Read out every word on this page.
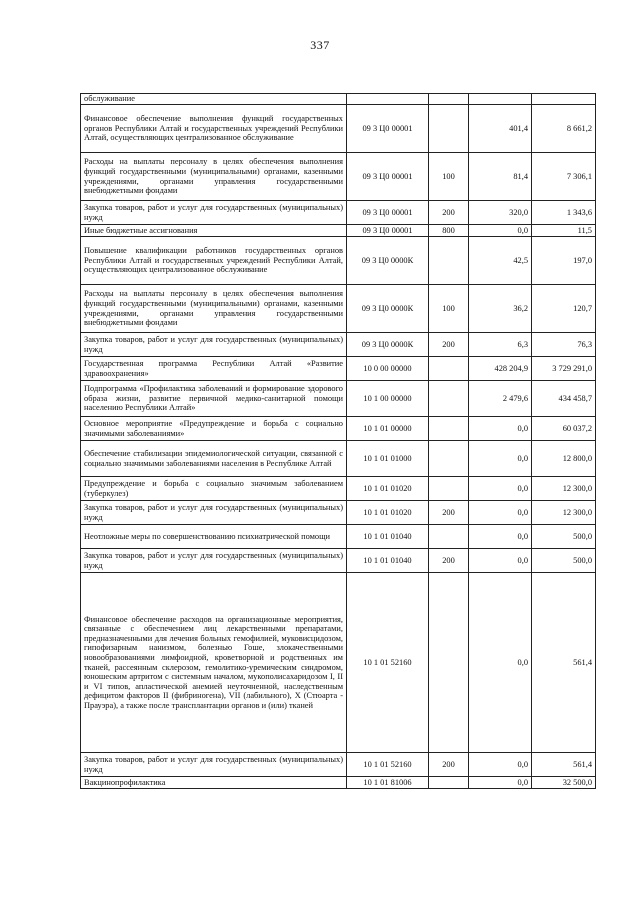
337
обслуживание				
Финансовое обеспечение выполнения функций государственных органов Республики Алтай и государственных учреждений Республики Алтай, осуществляющих централизованное обслуживание	09 3 Ц0 00001		401,4	8 661,2
Расходы на выплаты персоналу в целях обеспечения выполнения функций государственными (муниципальными) органами, казенными учреждениями, органами управления государственными внебюджетными фондами	09 3 Ц0 00001	100	81,4	7 306,1
Закупка товаров, работ и услуг для государственных (муниципальных) нужд	09 3 Ц0 00001	200	320,0	1 343,6
Иные бюджетные ассигнования	09 3 Ц0 00001	800	0,0	11,5
Повышение квалификации работников государственных органов Республики Алтай и государственных учреждений Республики Алтай, осуществляющих централизованное обслуживание	09 3 Ц0 0000К		42,5	197,0
Расходы на выплаты персоналу в целях обеспечения выполнения функций государственными (муниципальными) органами, казенными учреждениями, органами управления государственными внебюджетными фондами	09 3 Ц0 0000К	100	36,2	120,7
Закупка товаров, работ и услуг для государственных (муниципальных) нужд	09 3 Ц0 0000К	200	6,3	76,3
Государственная программа Республики Алтай «Развитие здравоохранения»	10 0 00 00000		428 204,9	3 729 291,0
Подпрограмма «Профилактика заболеваний и формирование здорового образа жизни, развитие первичной медико-санитарной помощи населению Республики Алтай»	10 1 00 00000		2 479,6	434 458,7
Основное мероприятие «Предупреждение и борьба с социально значимыми заболеваниями»	10 1 01 00000		0,0	60 037,2
Обеспечение стабилизации эпидемиологической ситуации, связанной с социально значимыми заболеваниями населения в Республике Алтай	10 1 01 01000		0,0	12 800,0
Предупреждение и борьба с социально значимым заболеванием (туберкулез)	10 1 01 01020		0,0	12 300,0
Закупка товаров, работ и услуг для государственных (муниципальных) нужд	10 1 01 01020	200	0,0	12 300,0
Неотложные меры по совершенствованию психиатрической помощи	10 1 01 01040		0,0	500,0
Закупка товаров, работ и услуг для государственных (муниципальных) нужд	10 1 01 01040	200	0,0	500,0
Финансовое обеспечение расходов на организационные мероприятия, связанные с обеспечением лиц лекарственными препаратами, предназначенными для лечения больных гемофилией, муковисцидозом, гипофизарным нанизмом, болезнью Гоше, злокачественными новообразованиями лимфоидной, кроветворной и родственных им тканей, рассеянным склерозом, гемолитико-уремическим синдромом, юношеским артритом с системным началом, мукополисахаридозом I, II и VI типов, апластической анемией неуточненной, наследственным дефицитом факторов II (фибриногена), VII (лабильного), X (Стюарта - Прауэра), а также после трансплантации органов и (или) тканей	10 1 01 52160		0,0	561,4
Закупка товаров, работ и услуг для государственных (муниципальных) нужд	10 1 01 52160	200	0,0	561,4
Вакцинопрофилактика	10 1 01 81006		0,0	32 500,0
